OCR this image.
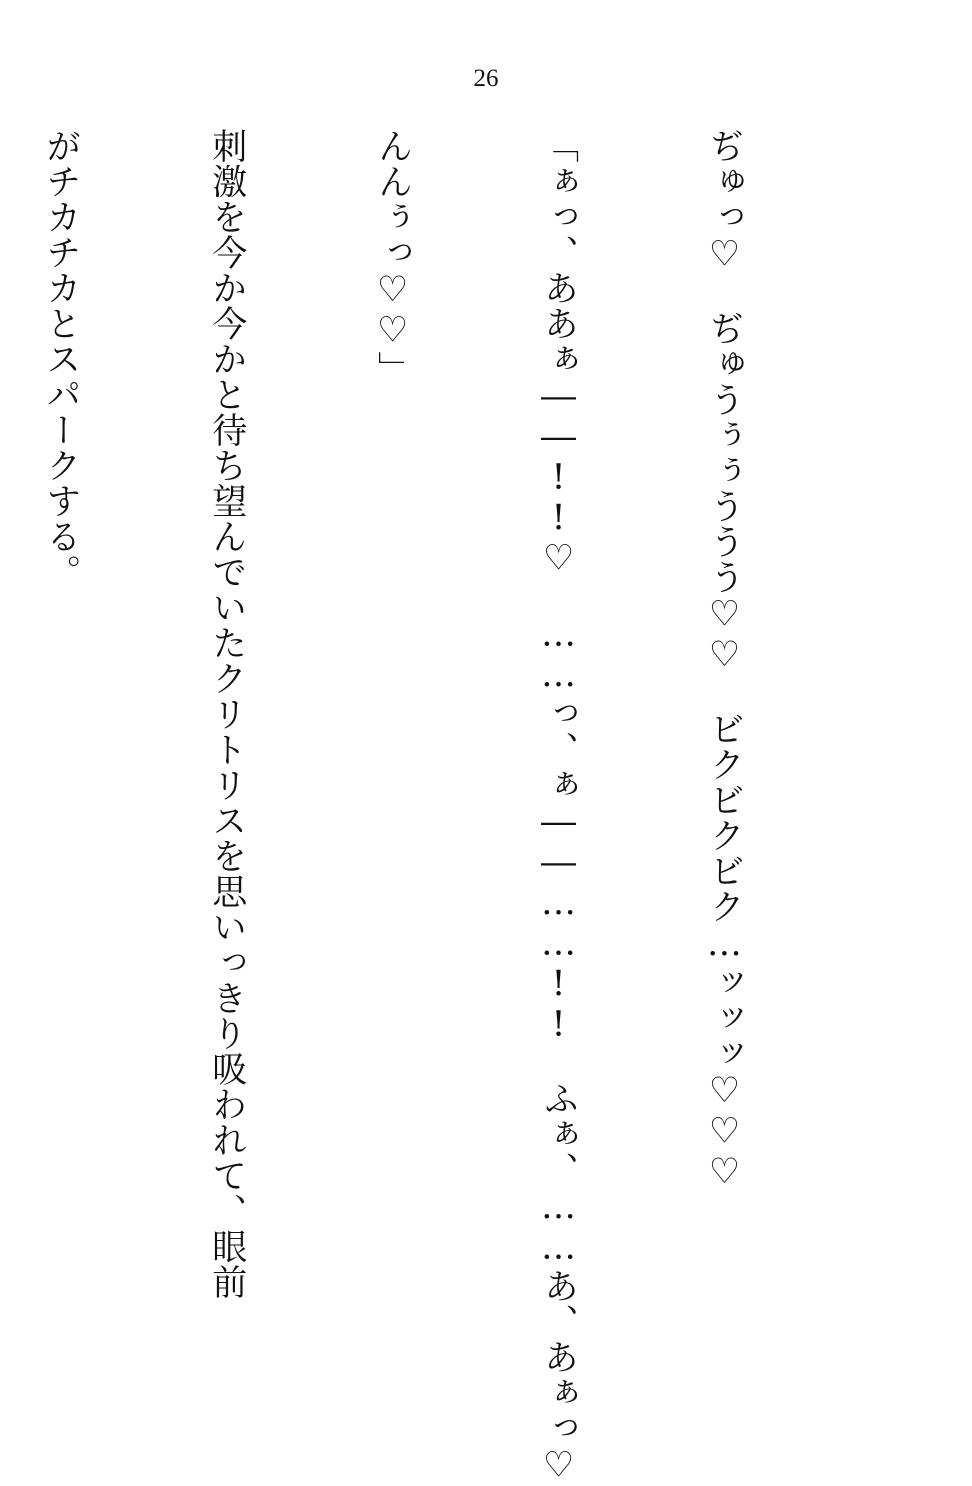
26

ぢゅっ♡　ぢゅうぅぅううう♡♡　ビクビクビク…ッッッ♡♡♡

「ぁっ、ああぁ――!!♡　……っ、ぁ――……!!　ふぁ、……あ、あぁっ♡

んんぅっ♡♡」

刺激を今か今かと待ち望んでいたクリトリスを思いっきり吸われて、眼前

がチカチカとスパークする。
